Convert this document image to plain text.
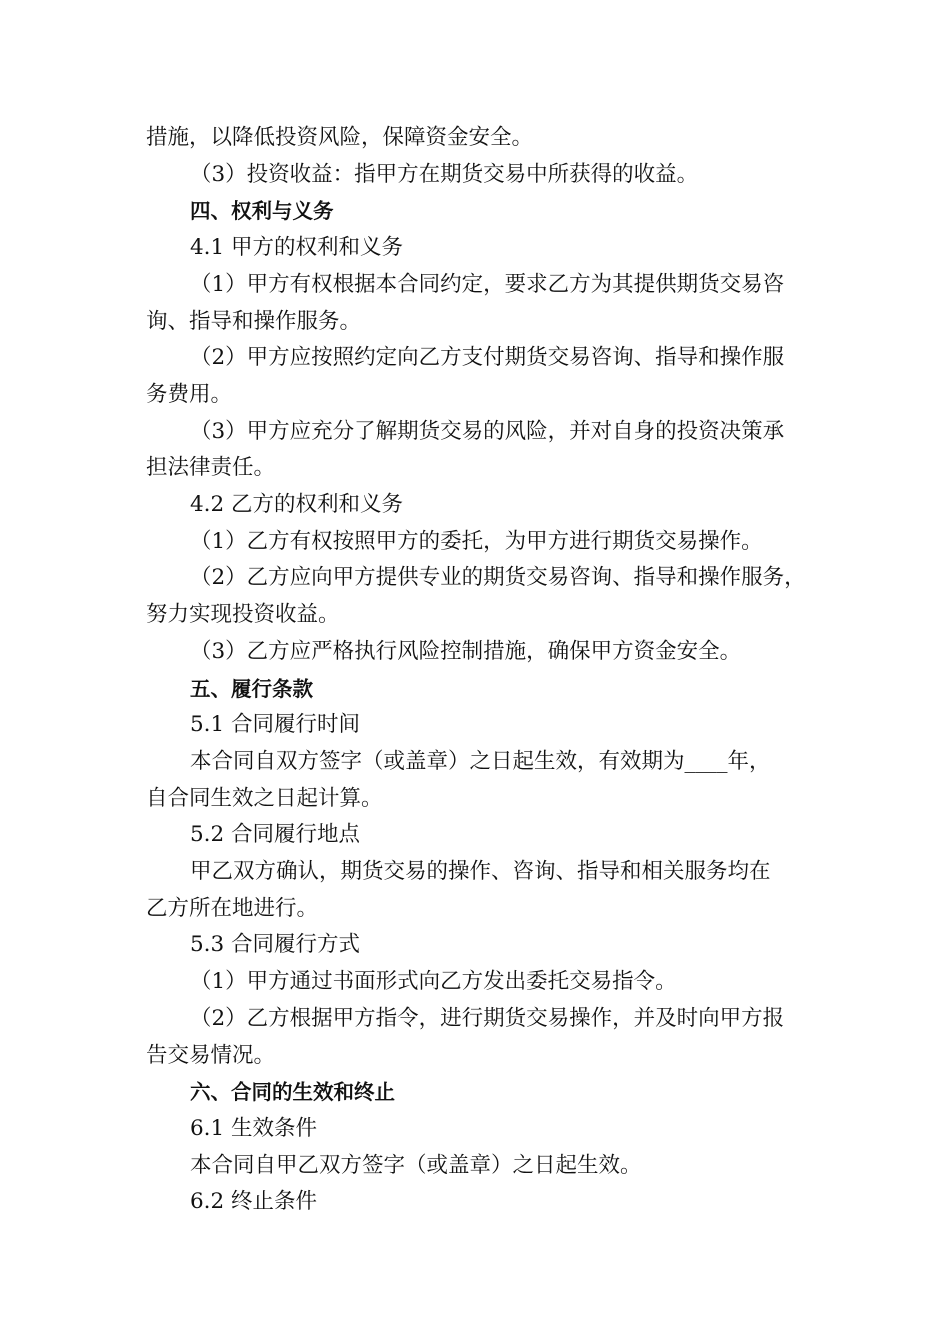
措施，以降低投资风险，保障资金安全。

（3）投资收益：指甲方在期货交易中所获得的收益。

四、权利与义务

4.1 甲方的权利和义务

（1）甲方有权根据本合同约定，要求乙方为其提供期货交易咨

询、指导和操作服务。

（2）甲方应按照约定向乙方支付期货交易咨询、指导和操作服

务费用。

（3）甲方应充分了解期货交易的风险，并对自身的投资决策承

担法律责任。

4.2 乙方的权利和义务

（1）乙方有权按照甲方的委托，为甲方进行期货交易操作。

（2）乙方应向甲方提供专业的期货交易咨询、指导和操作服务，

努力实现投资收益。

（3）乙方应严格执行风险控制措施，确保甲方资金安全。

五、履行条款

5.1 合同履行时间

本合同自双方签字（或盖章）之日起生效，有效期为____年，

自合同生效之日起计算。

5.2 合同履行地点

甲乙双方确认，期货交易的操作、咨询、指导和相关服务均在

乙方所在地进行。

5.3 合同履行方式

（1）甲方通过书面形式向乙方发出委托交易指令。

（2）乙方根据甲方指令，进行期货交易操作，并及时向甲方报

告交易情况。

六、合同的生效和终止

6.1 生效条件

本合同自甲乙双方签字（或盖章）之日起生效。

6.2 终止条件
